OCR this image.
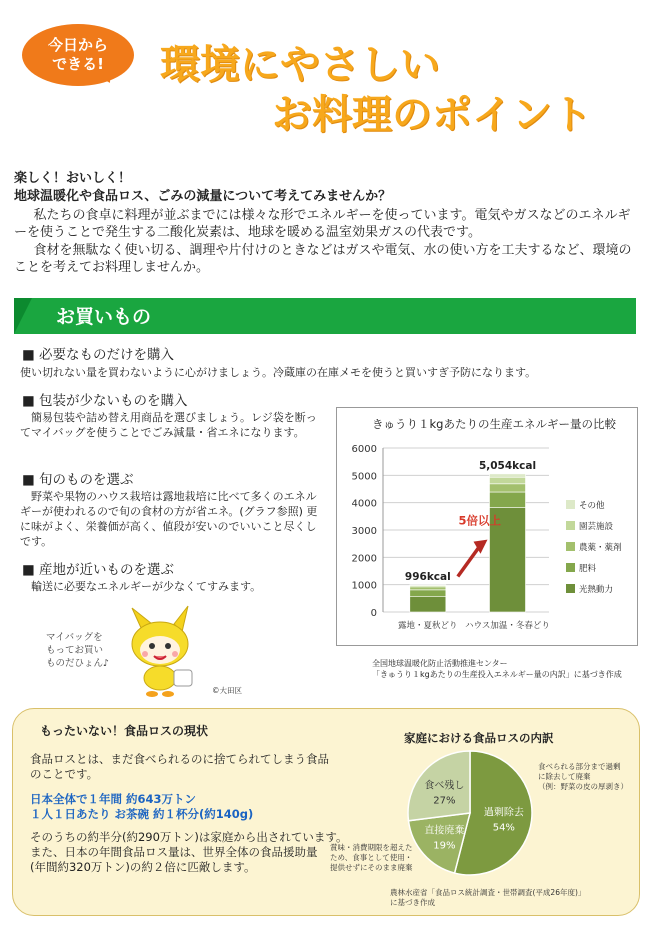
今日から
できる!	環境にやさしい
お料理のポイント
楽しく！おいしく！
地球温暖化や食品ロス、ごみの減量について考えてみませんか？
私たちの食卓に料理が並ぶまでには様々な形でエネルギーを使っています。電気やガスなどのエネルギーを使うことで発生する二酸化炭素は、地球を暖める温室効果ガスの代表です。
食材を無駄なく使い切る、調理や片付けのときなどはガスや電気、水の使い方を工夫するなど、環境のことを考えてお料理しませんか。
お買いもの
■ 必要なものだけを購入
使い切れない量を買わないように心がけましょう。冷蔵庫の在庫メモを使うと買いすぎ予防になります。
■ 包装が少ないものを購入
簡易包装や詰め替え用商品を選びましょう。レジ袋を断ってマイバッグを使うことでごみ減量・省エネになります。
■ 旬のものを選ぶ
野菜や果物のハウス栽培は露地栽培に比べて多くのエネルギーが使われるので旬の食材の方が省エネ。(グラフ参照) 更に味がよく、栄養価が高く、値段が安いのでいいこと尽くしです。
■ 産地が近いものを選ぶ
輸送に必要なエネルギーが少なくてすみます。
マイバッグを
もってお買い
ものだひょん♪
©大田区
きゅうり１kgあたりの生産エネルギー量の比較
0
1000
2000
3000
4000
5000
6000
996kcal
露地・夏秋どり
5,054kcal
ハウス加温・冬春どり
5倍以上
その他
園芸施設
農薬・薬剤
肥料
光熱動力
全国地球温暖化防止活動推進センター
「きゅうり１kgあたりの生産投入エネルギー量の内訳」に基づき作成
もったいない！食品ロスの現状
食品ロスとは、まだ食べられるのに捨てられてしまう食品
のことです。
日本全体で１年間 約643万トン
１人１日あたり お茶碗 約１杯分(約140g)
そのうちの約半分(約290万トン)は家庭から出されています。
また、日本の年間食品ロス量は、世界全体の食品援助量
(年間約320万トン)の約２倍に匹敵します。
家庭における食品ロスの内訳
過剰除去
54%
直接廃棄
19%
食べ残し
27%
食べられる部分まで過剰
に除去して廃棄
（例：野菜の皮の厚剥き）
賞味・消費期限を超えた
ため、食事として使用・
提供せずにそのまま廃棄
農林水産省「食品ロス統計調査・世帯調査(平成26年度)」
に基づき作成
